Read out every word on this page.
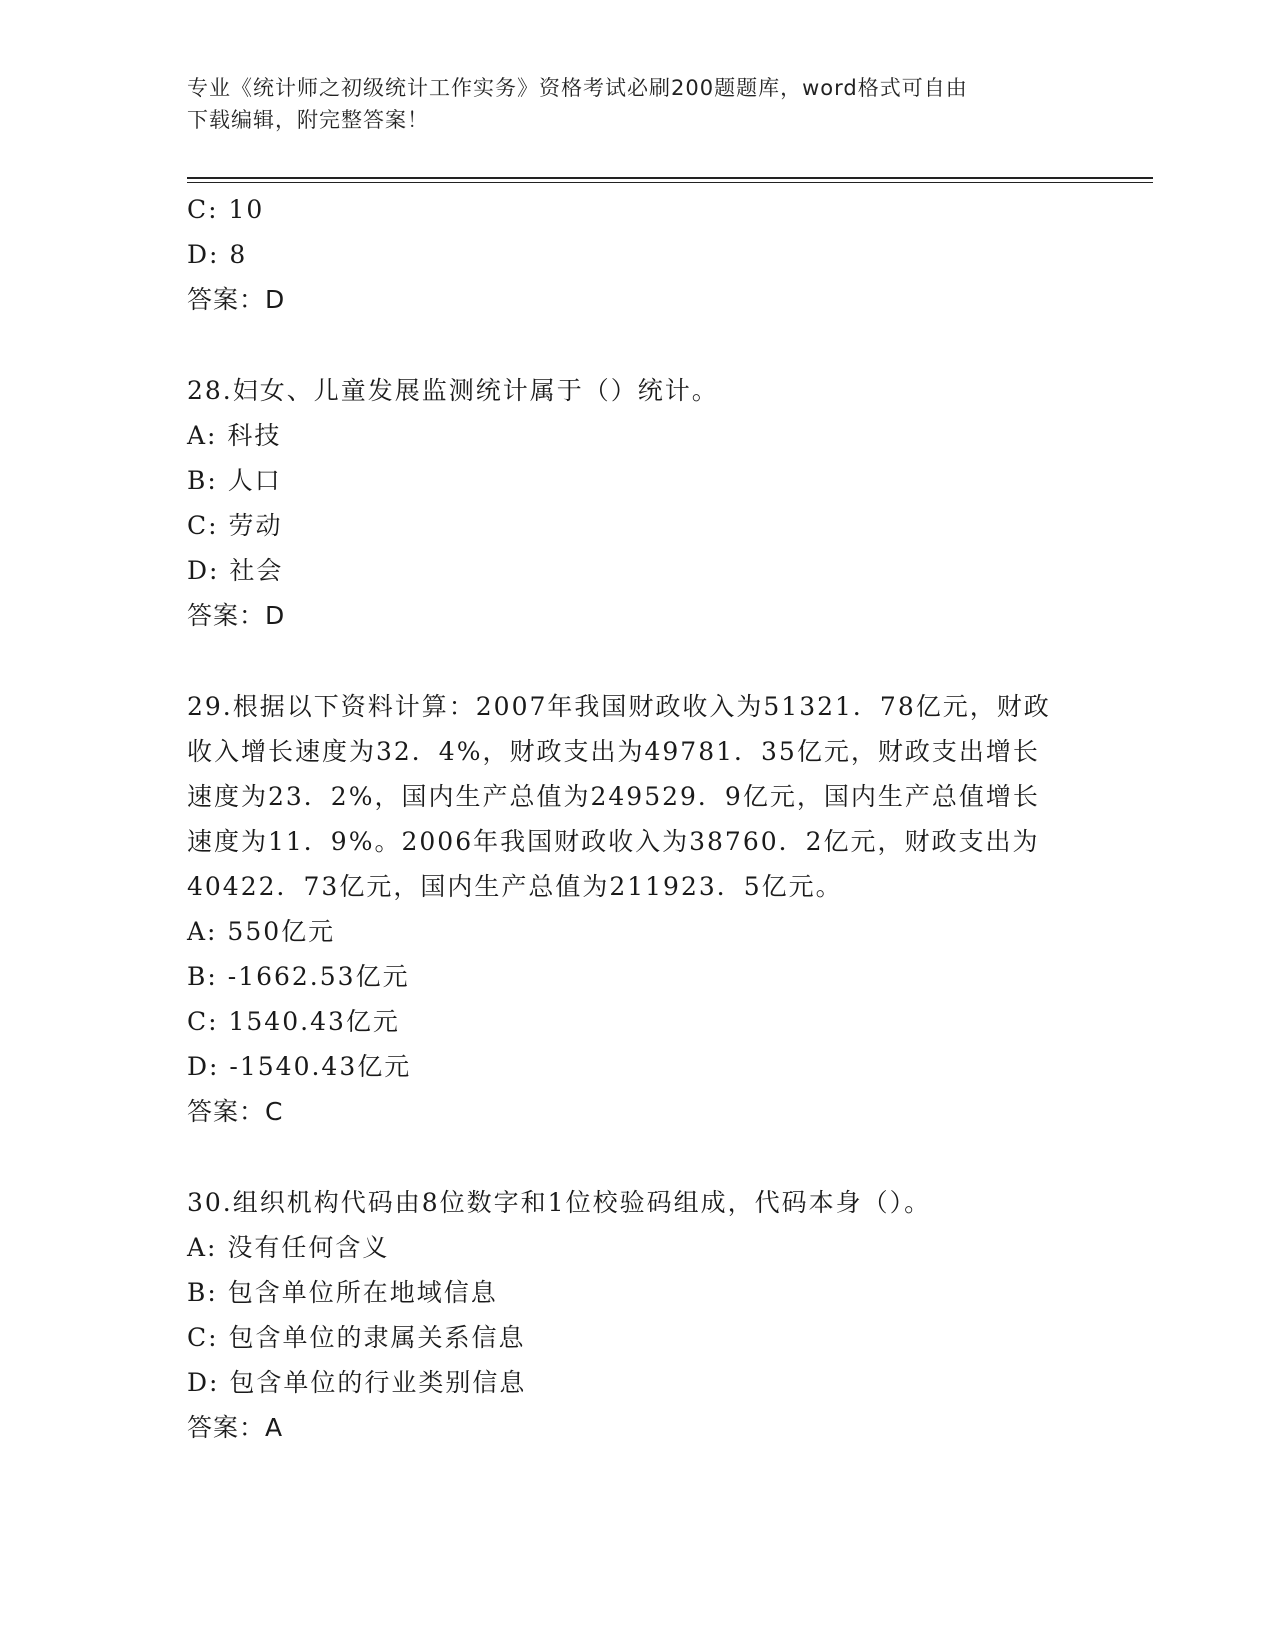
专业《统计师之初级统计工作实务》资格考试必刷200题题库，word格式可自由
下载编辑，附完整答案！
C: 10
D: 8
答案：D
28.妇女、儿童发展监测统计属于（）统计。
A: 科技
B: 人口
C: 劳动
D: 社会
答案：D
29.根据以下资料计算：2007年我国财政收入为51321．78亿元，财政
收入增长速度为32．4%，财政支出为49781．35亿元，财政支出增长
速度为23．2%，国内生产总值为249529．9亿元，国内生产总值增长
速度为11．9%。2006年我国财政收入为38760．2亿元，财政支出为
40422．73亿元，国内生产总值为211923．5亿元。
A: 550亿元
B: -1662.53亿元
C: 1540.43亿元
D: -1540.43亿元
答案：C
30.组织机构代码由8位数字和1位校验码组成，代码本身（）。
A: 没有任何含义
B: 包含单位所在地域信息
C: 包含单位的隶属关系信息
D: 包含单位的行业类别信息
答案：A
